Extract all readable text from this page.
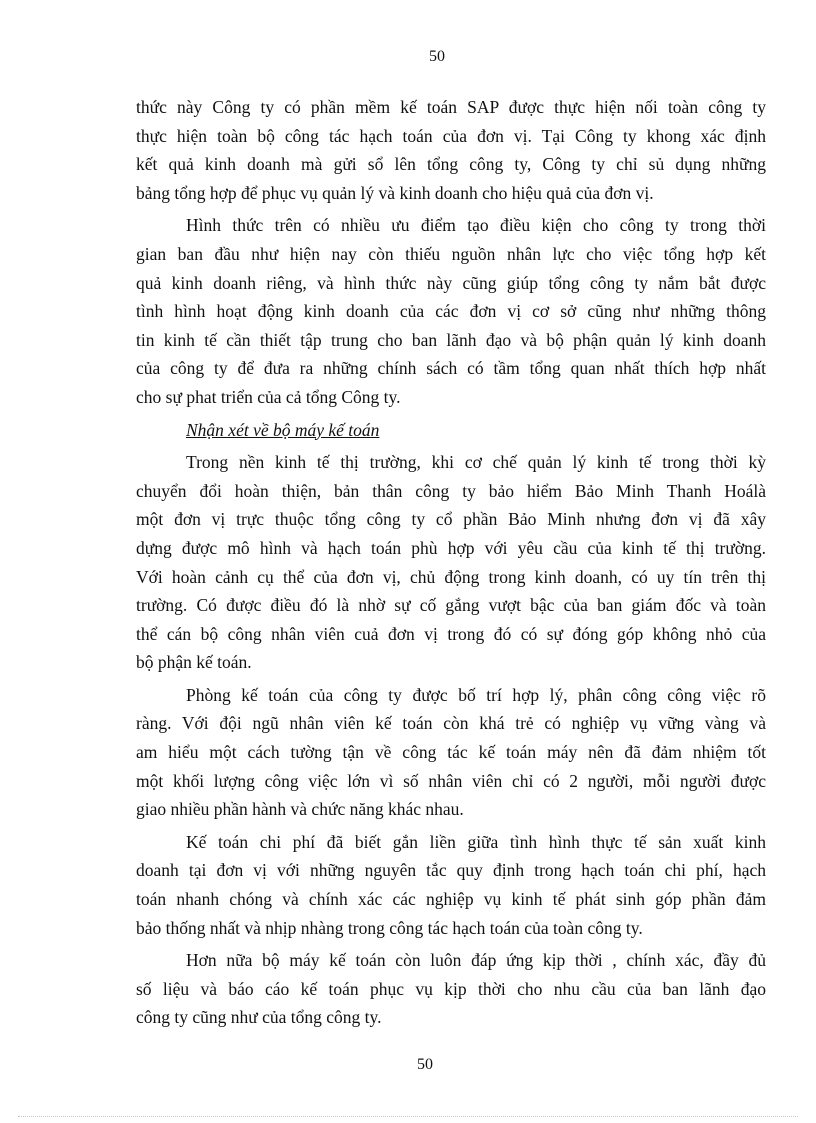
50
thức này Công ty có phần mềm kế toán SAP được thực hiện nối toàn công ty
thực hiện toàn bộ công tác hạch toán của đơn vị. Tại Công ty khong xác định
kết quả kinh doanh mà gửi sổ lên tổng công ty, Công ty chỉ sủ dụng những
bảng tổng hợp để phục vụ quản lý và kinh doanh cho hiệu quả của đơn vị.
Hình thức trên có nhiều ưu điểm tạo điều kiện cho công ty trong thời
gian ban đầu như hiện nay còn thiếu nguồn nhân lực cho việc tổng hợp kết
quả kinh doanh riêng, và hình thức này cũng giúp tổng công ty nắm bắt được
tình hình hoạt động kinh doanh của các đơn vị cơ sở cũng như những thông
tin kinh tế cần thiết tập trung cho ban lãnh đạo và bộ phận quản lý kinh doanh
của công ty để đưa ra những chính sách có tầm tổng quan nhất thích hợp nhất
cho sự phat triển của cả tổng Công ty.
Nhận xét về bộ máy kế toán
Trong nền kinh tế thị trường, khi cơ chế quản lý kinh tế trong thời kỳ
chuyển đổi hoàn thiện, bản thân công ty bảo hiểm Bảo Minh Thanh Hoálà
một đơn vị trực thuộc tổng công ty cổ phần Bảo Minh nhưng đơn vị đã xây
dựng được mô hình và hạch toán phù hợp với yêu cầu của kinh tế thị trường.
Với hoàn cảnh cụ thể của đơn vị, chủ động trong kinh doanh, có uy tín trên thị
trường. Có được điều đó là nhờ sự cố gắng vượt bậc của ban giám đốc và toàn
thể cán bộ công nhân viên cuả đơn vị trong đó có sự đóng góp không nhỏ của
bộ phận kế toán.
Phòng kế toán của công ty được bố trí hợp lý, phân công công việc rõ
ràng. Với đội ngũ nhân viên kế toán còn khá trẻ có nghiệp vụ vững vàng và
am hiểu một cách tường tận về công tác kế toán máy nên đã đảm nhiệm tốt
một khối lượng công việc lớn vì số nhân viên chỉ có 2 người, mỗi người được
giao nhiều phần hành và chức năng khác nhau.
Kế toán chi phí đã biết gắn liền giữa tình hình thực tế sản xuất kinh
doanh tại đơn vị với những nguyên tắc quy định trong hạch toán chi phí, hạch
toán nhanh chóng và chính xác các nghiệp vụ kinh tế phát sinh góp phần đảm
bảo thống nhất và nhịp nhàng trong công tác hạch toán của toàn công ty.
Hơn nữa bộ máy kế toán còn luôn đáp ứng kịp thời , chính xác, đầy đủ
số liệu và báo cáo kế toán phục vụ kịp thời cho nhu cầu của ban lãnh đạo
công ty cũng như của tổng công ty.
50
